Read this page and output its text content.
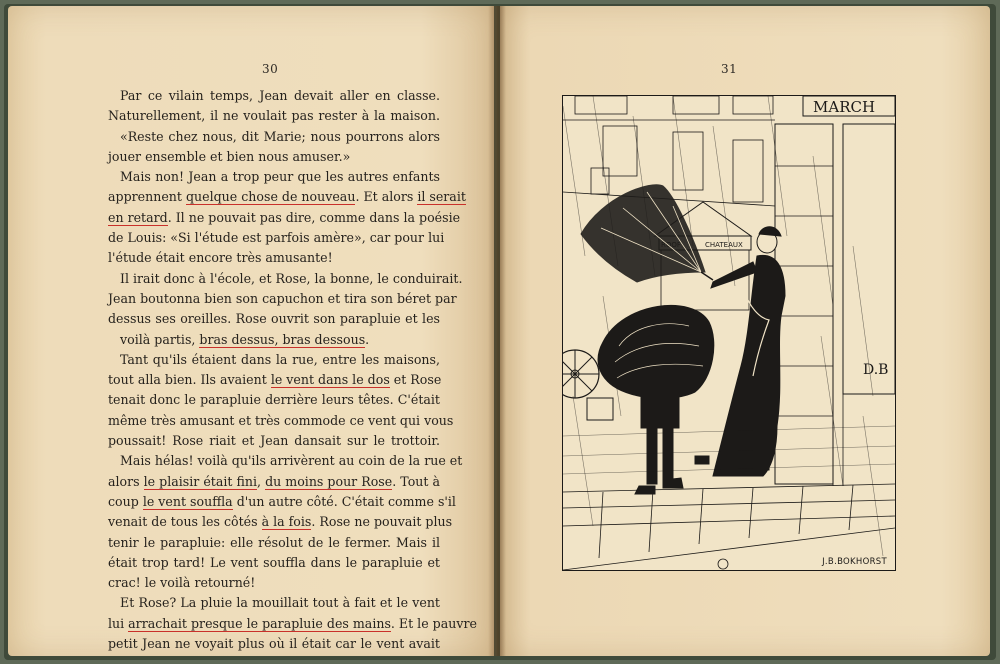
30	31

Par ce vilain temps, Jean devait aller en classe.

Naturellement, il ne voulait pas rester à la maison.

«Reste chez nous, dit Marie; nous pourrons alors

jouer ensemble et bien nous amuser.»

Mais non! Jean a trop peur que les autres enfants

apprennent quelque chose de nouveau. Et alors il serait

en retard. Il ne pouvait pas dire, comme dans la poésie

de Louis: «Si l'étude est parfois amère», car pour lui

l'étude était encore très amusante!

Il irait donc à l'école, et Rose, la bonne, le conduirait.

Jean boutonna bien son capuchon et tira son béret par

dessus ses oreilles. Rose ouvrit son parapluie et les

voilà partis, bras dessus, bras dessous.

Tant qu'ils étaient dans la rue, entre les maisons,

tout alla bien. Ils avaient le vent dans le dos et Rose

tenait donc le parapluie derrière leurs têtes. C'était

même très amusant et très commode ce vent qui vous

poussait! Rose riait et Jean dansait sur le trottoir.

Mais hélas! voilà qu'ils arrivèrent au coin de la rue et

alors le plaisir était fini, du moins pour Rose. Tout à

coup le vent souffla d'un autre côté. C'était comme s'il

venait de tous les côtés à la fois. Rose ne pouvait plus

tenir le parapluie: elle résolut de le fermer. Mais il

était trop tard! Le vent souffla dans le parapluie et

crac! le voilà retourné!

Et Rose? La pluie la mouillait tout à fait et le vent

lui arrachait presque le parapluie des mains. Et le pauvre

petit Jean ne voyait plus où il était car le vent avait

MARCH
D.B
CHATEAUX
J.B.BOKHORST
